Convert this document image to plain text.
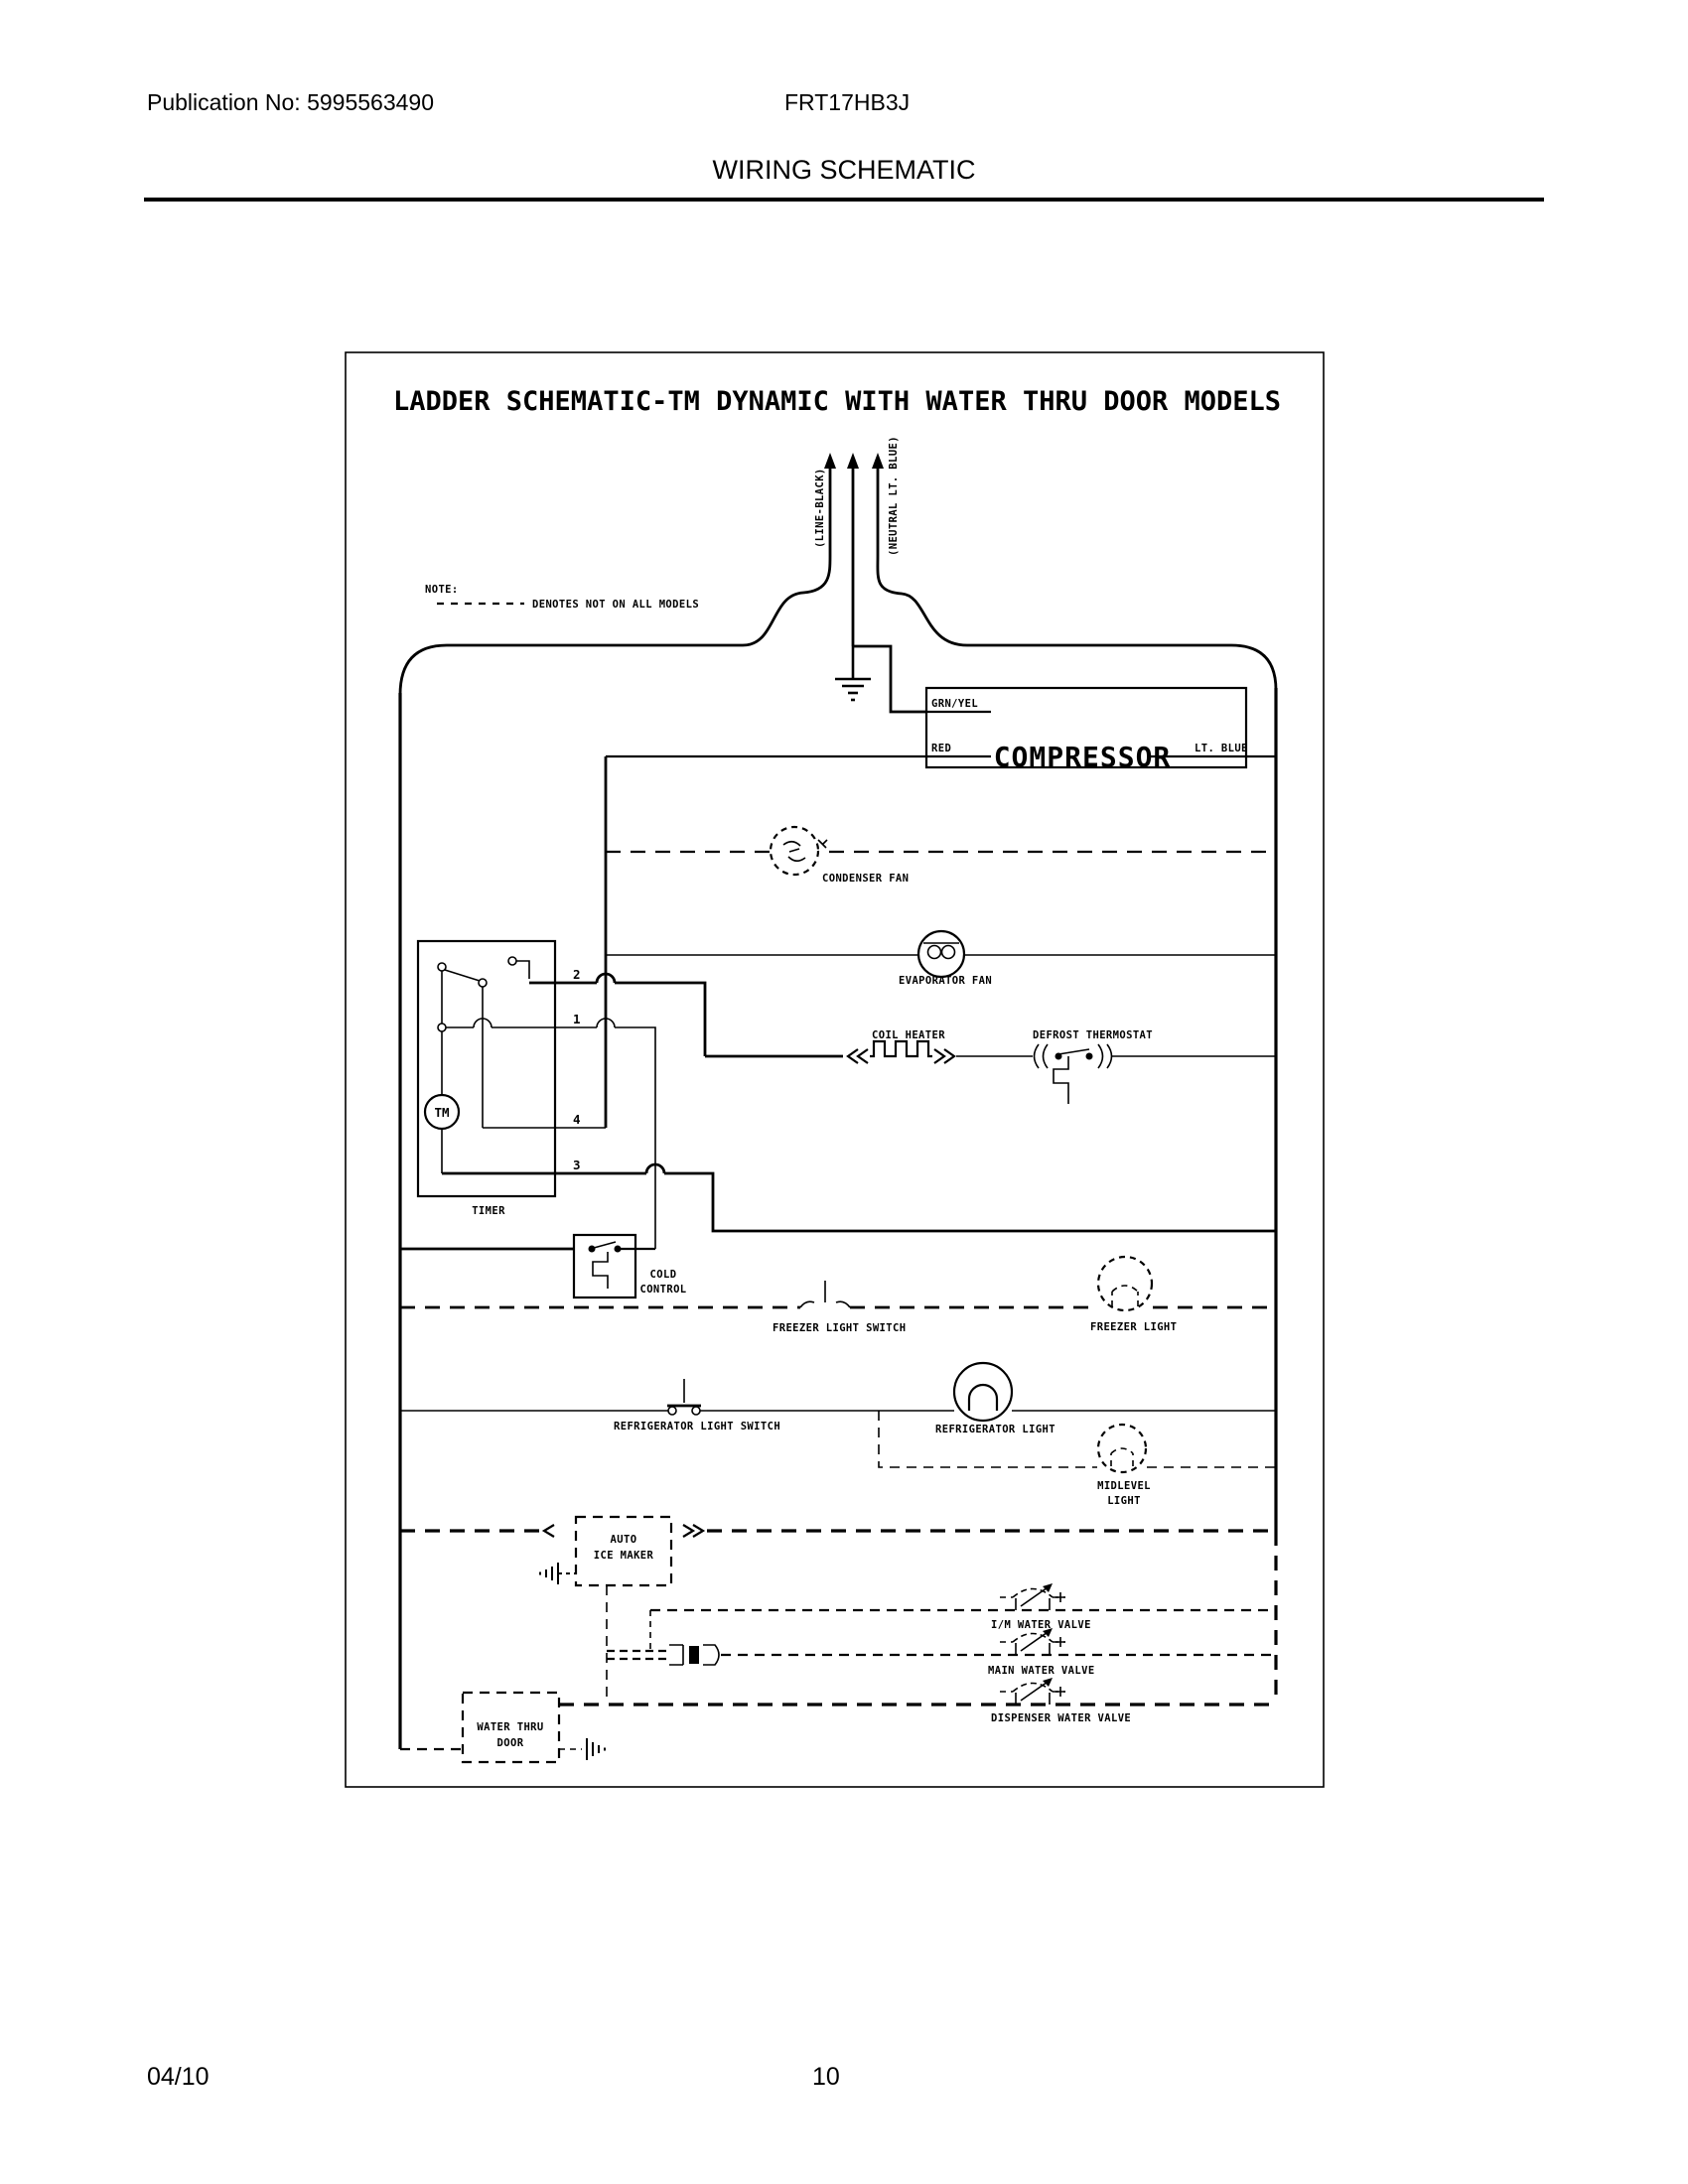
Publication No: 5995563490	FRT17HB3J
WIRING SCHEMATIC
LADDER SCHEMATIC-TM DYNAMIC WITH WATER THRU DOOR MODELS
NOTE:
DENOTES NOT ON ALL MODELS
(LINE-BLACK)	(NEUTRAL LT. BLUE)
GRN/YEL
RED COMPRESSOR LT. BLUE
CONDENSER FAN
EVAPORATOR FAN
COIL HEATER	DEFROST THERMOSTAT
2
1
4
TM
3
TIMER
COLD
CONTROL
FREEZER LIGHT SWITCH	FREEZER LIGHT
REFRIGERATOR LIGHT SWITCH	REFRIGERATOR LIGHT
MIDLEVEL
LIGHT
AUTO
ICE MAKER
I/M WATER VALVE
MAIN WATER VALVE
DISPENSER WATER VALVE
WATER THRU
DOOR
04/10	10
